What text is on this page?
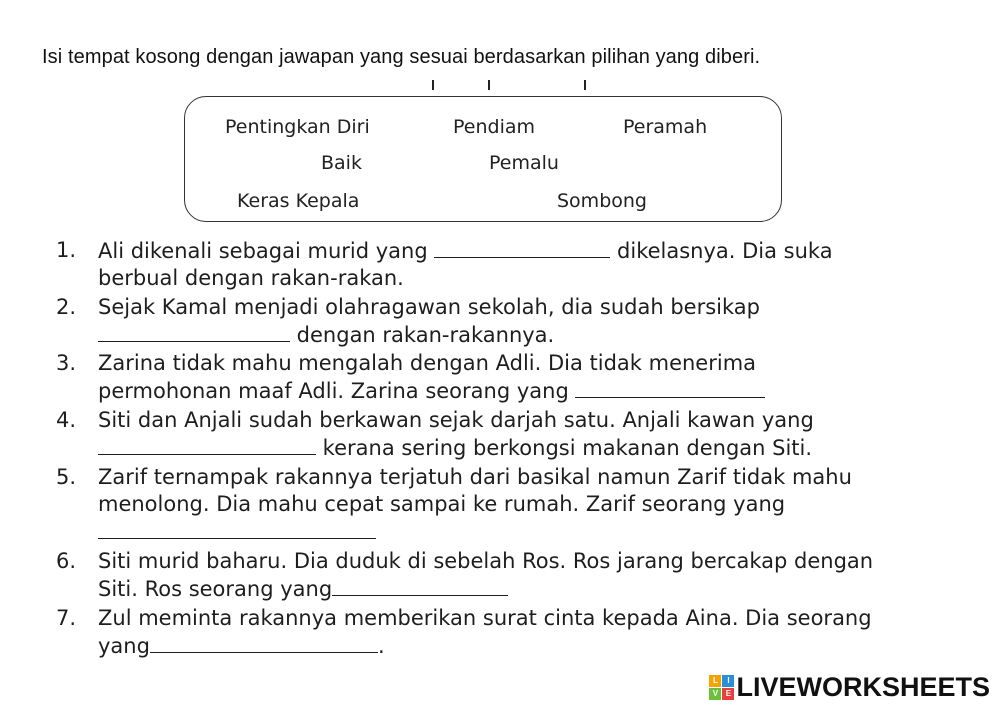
Isi tempat kosong dengan jawapan yang sesuai berdasarkan pilihan yang diberi.
Pentingkan Diri	Pendiam	Peramah
Baik	Pemalu
Keras Kepala	Sombong
1.	Ali dikenali sebagai murid yang	dikelasnya. Dia suka
berbual dengan rakan-rakan.
2.	Sejak Kamal menjadi olahragawan sekolah, dia sudah bersikap
dengan rakan-rakannya.
3.	Zarina tidak mahu mengalah dengan Adli. Dia tidak menerima
permohonan maaf Adli. Zarina seorang yang
4.	Siti dan Anjali sudah berkawan sejak darjah satu. Anjali kawan yang
kerana sering berkongsi makanan dengan Siti.
5.	Zarif ternampak rakannya terjatuh dari basikal namun Zarif tidak mahu
menolong. Dia mahu cepat sampai ke rumah. Zarif seorang yang
6.	Siti murid baharu. Dia duduk di sebelah Ros. Ros jarang bercakap dengan
Siti. Ros seorang yang
7.	Zul meminta rakannya memberikan surat cinta kepada Aina. Dia seorang
yang	.
L	I
V E LIVEWORKSHEETS
